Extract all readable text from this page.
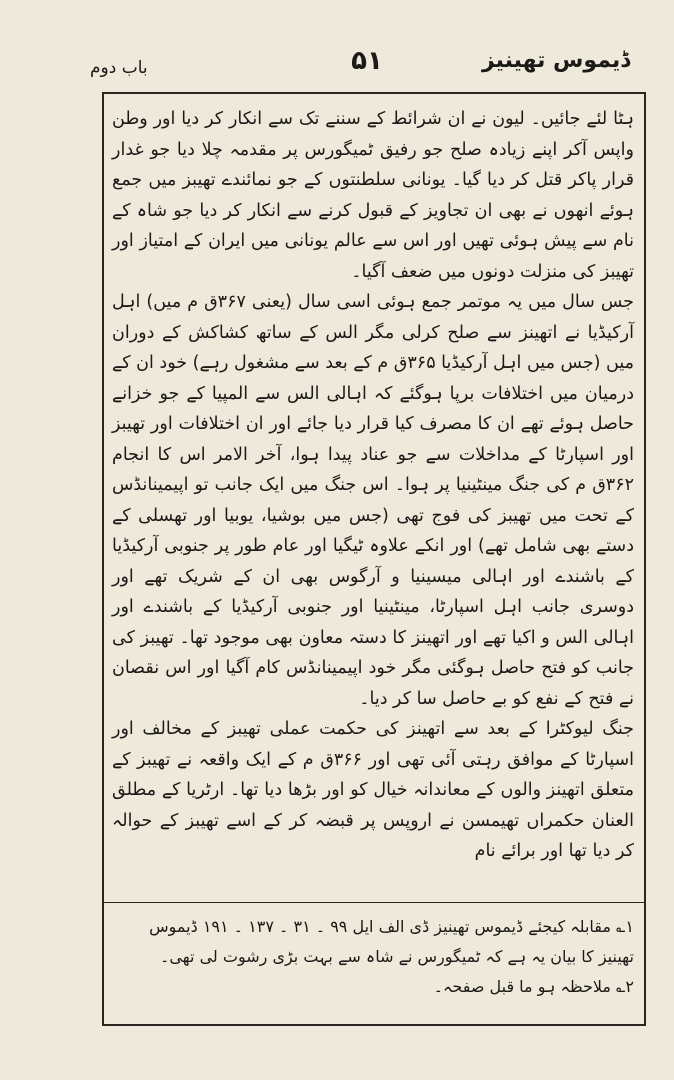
ڈیموس تھینیز
۵۱
باب دوم

ہٹا لئے جائیں۔ لیون نے ان شرائط کے سننے تک سے انکار کر دیا اور وطن واپس آکر اپنے زیادہ صلح جو رفیق ٹمیگورس پر مقدمہ چلا دیا جو غدار قرار پاکر قتل کر دیا گیا۔ یونانی سلطنتوں کے جو نمائندے تھیبز میں جمع ہوئے انھوں نے بھی ان تجاویز کے قبول کرنے سے انکار کر دیا جو شاہ کے نام سے پیش ہوئی تھیں اور اس سے عالم یونانی میں ایران کے امتیاز اور تھیبز کی منزلت دونوں میں ضعف آگیا۔

جس سال میں یہ موتمر جمع ہوئی اسی سال (یعنی ۳۶۷ق م میں) اہل آرکیڈیا نے اتھینز سے صلح کرلی مگر الس کے ساتھ کشاکش کے دوران میں (جس میں اہل آرکیڈیا ۳۶۵ق م کے بعد سے مشغول رہے) خود ان کے درمیان میں اختلافات برپا ہوگئے کہ اہالی الس سے المپیا کے جو خزانے حاصل ہوئے تھے ان کا مصرف کیا قرار دیا جائے اور ان اختلافات اور تھیبز اور اسپارٹا کے مداخلات سے جو عناد پیدا ہوا، آخر الامر اس کا انجام ۳۶۲ق م کی جنگ مینٹینیا پر ہوا۔ اس جنگ میں ایک جانب تو اپیمینانڈس کے تحت میں تھیبز کی فوج تھی (جس میں بوشیا، یوبیا اور تھسلی کے دستے بھی شامل تھے) اور انکے علاوہ ٹیگیا اور عام طور پر جنوبی آرکیڈیا کے باشندے اور اہالی میسینیا و آرگوس بھی ان کے شریک تھے اور دوسری جانب اہل اسپارٹا، مینٹینیا اور جنوبی آرکیڈیا کے باشندے اور اہالی الس و اکیا تھے اور اتھینز کا دستہ معاون بھی موجود تھا۔ تھیبز کی جانب کو فتح حاصل ہوگئی مگر خود اپیمینانڈس کام آگیا اور اس نقصان نے فتح کے نفع کو بے حاصل سا کر دیا۔

جنگ لیوکٹرا کے بعد سے اتھینز کی حکمت عملی تھیبز کے مخالف اور اسپارٹا کے موافق رہتی آئی تھی اور ۳۶۶ق م کے ایک واقعہ نے تھیبز کے متعلق اتھینز والوں کے معاندانہ خیال کو اور بڑھا دیا تھا۔ ارٹریا کے مطلق العنان حکمراں تھیمسن نے اروپس پر قبضہ کر کے اسے تھیبز کے حوالہ کر دیا تھا اور برائے نام

۱؎ مقابلہ کیجئے ڈیموس تھینیز ڈی الف ایل ۹۹ ۔ ۳۱ ۔ ۱۳۷ ۔ ۱۹۱ ڈیموس تھینیز کا بیان یہ ہے کہ ٹمیگورس نے شاہ سے بہت بڑی رشوت لی تھی۔

۲؎ ملاحظہ ہو ما قبل صفحہ۔
